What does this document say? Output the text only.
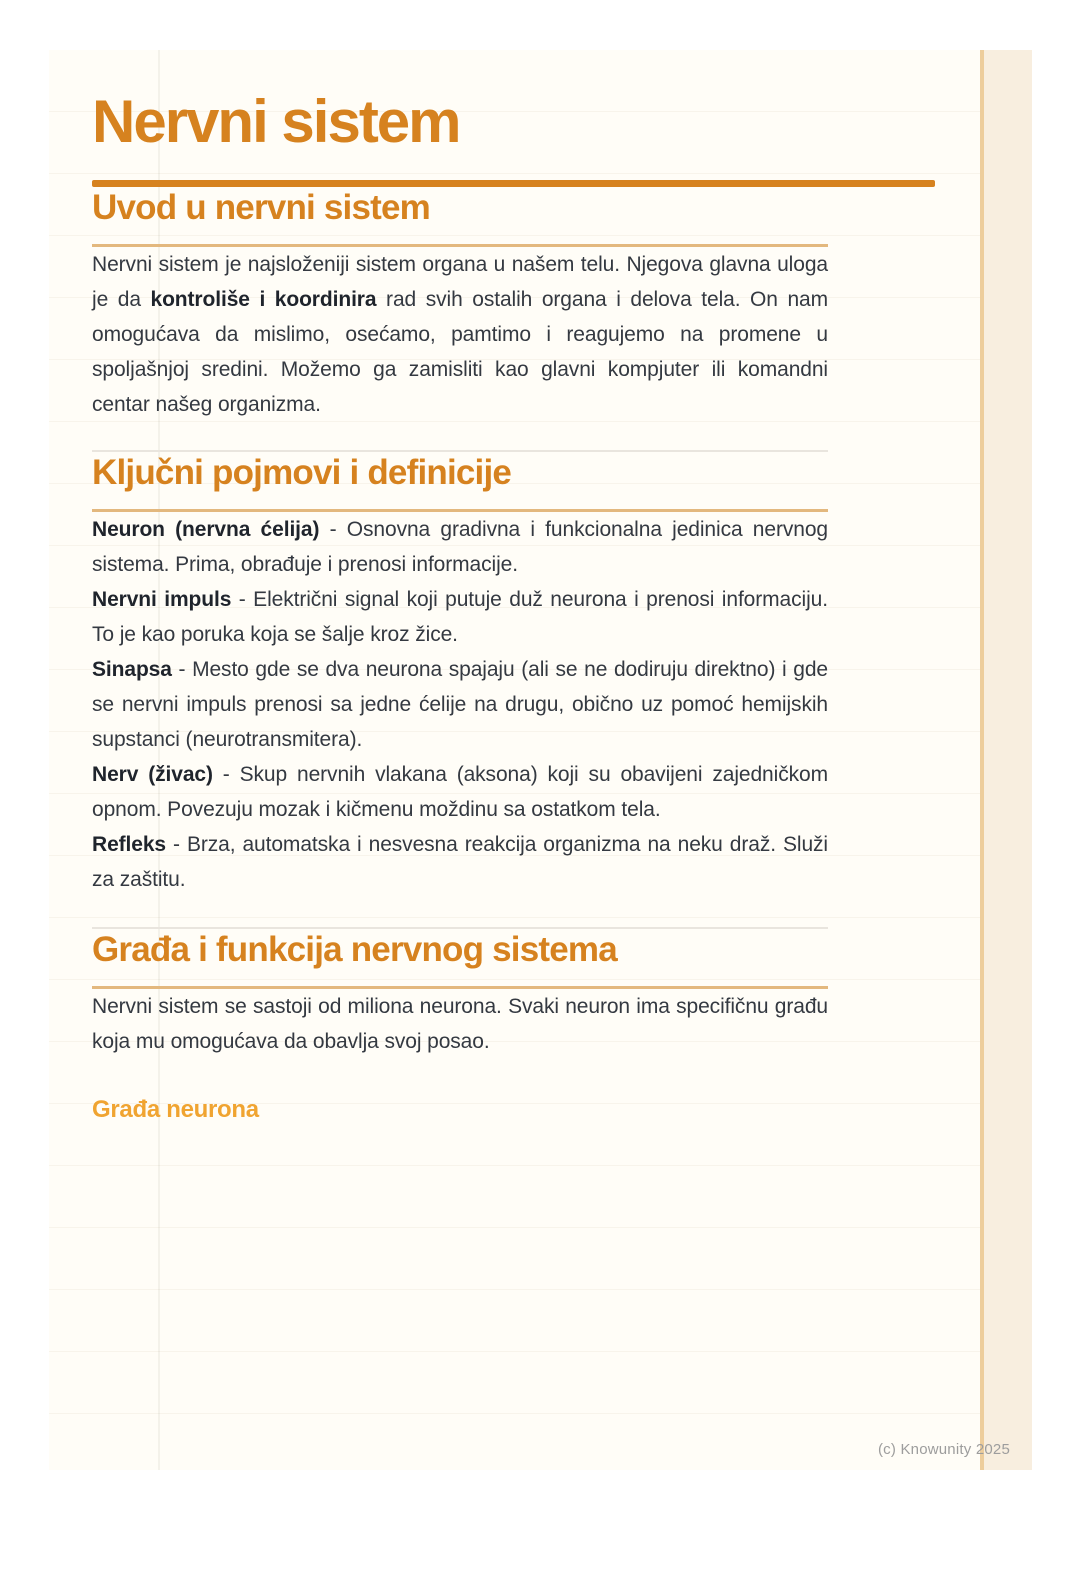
Nervni sistem
Uvod u nervni sistem

Nervni sistem je najsloženiji sistem organa u našem telu. Njegova glavna uloga je da kontroliše i koordinira rad svih ostalih organa i delova tela. On nam omogućava da mislimo, osećamo, pamtimo i reagujemo na promene u spoljašnjoj sredini. Možemo ga zamisliti kao glavni kompjuter ili komandni centar našeg organizma.

Ključni pojmovi i definicije

Neuron (nervna ćelija) - Osnovna gradivna i funkcionalna jedinica nervnog sistema. Prima, obrađuje i prenosi informacije.

Nervni impuls - Električni signal koji putuje duž neurona i prenosi informaciju. To je kao poruka koja se šalje kroz žice.

Sinapsa - Mesto gde se dva neurona spajaju (ali se ne dodiruju direktno) i gde se nervni impuls prenosi sa jedne ćelije na drugu, obično uz pomoć hemijskih supstanci (neurotransmitera).

Nerv (živac) - Skup nervnih vlakana (aksona) koji su obavijeni zajedničkom opnom. Povezuju mozak i kičmenu moždinu sa ostatkom tela.

Refleks - Brza, automatska i nesvesna reakcija organizma na neku draž. Služi za zaštitu.

Građa i funkcija nervnog sistema

Nervni sistem se sastoji od miliona neurona. Svaki neuron ima specifičnu građu koja mu omogućava da obavlja svoj posao.

Građa neurona
(c) Knowunity 2025
